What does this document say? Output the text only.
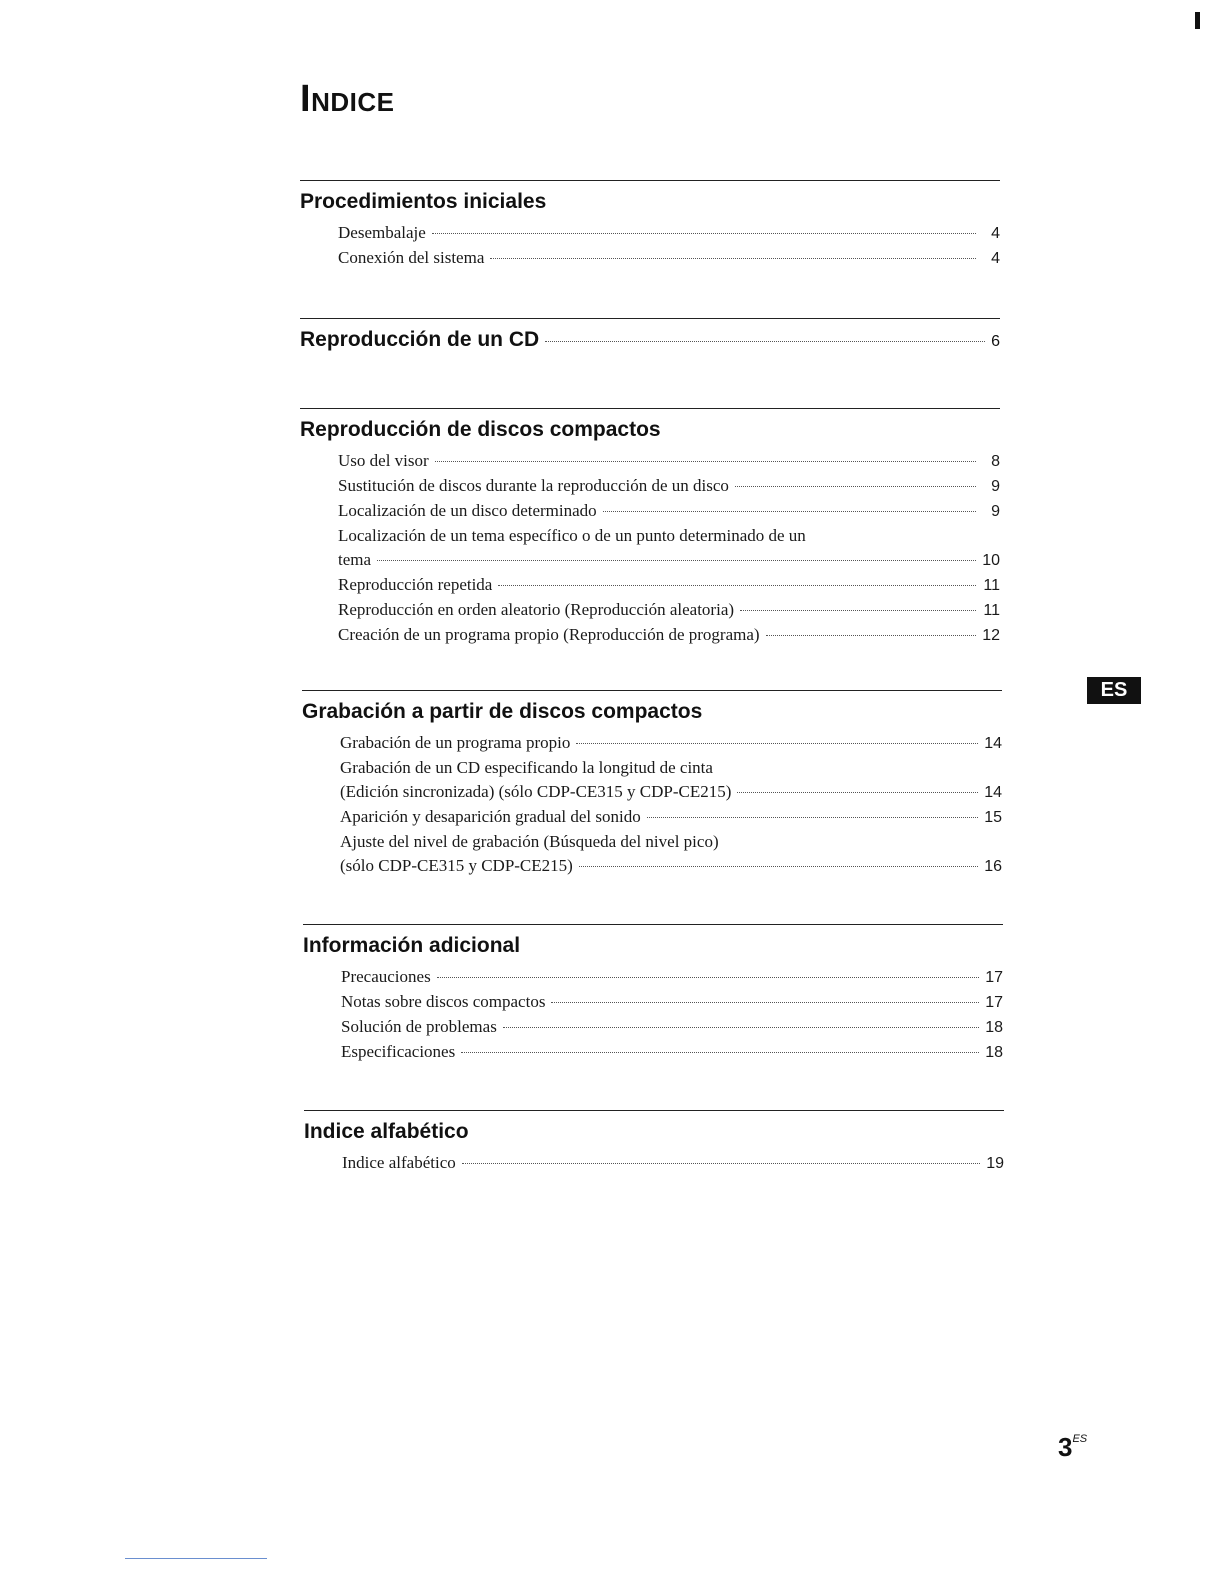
INDICE
Procedimientos iniciales
Desembalaje	4
Conexión del sistema	4
Reproducción de un CD	6
Reproducción de discos compactos
Uso del visor	8
Sustitución de discos durante la reproducción de un disco	9
Localización de un disco determinado	9
Localización de un tema específico o de un punto determinado de un
tema	10
Reproducción repetida	11
Reproducción en orden aleatorio (Reproducción aleatoria)	11
Creación de un programa propio (Reproducción de programa)	12
Grabación a partir de discos compactos
Grabación de un programa propio	14
Grabación de un CD especificando la longitud de cinta
(Edición sincronizada) (sólo CDP-CE315 y CDP-CE215)	14
Aparición y desaparición gradual del sonido	15
Ajuste del nivel de grabación (Búsqueda del nivel pico)
(sólo CDP-CE315 y CDP-CE215)	16
Información adicional
Precauciones	17
Notas sobre discos compactos	17
Solución de problemas	18
Especificaciones	18
Indice alfabético
Indice alfabético	19
ES
$3^{ES}$
